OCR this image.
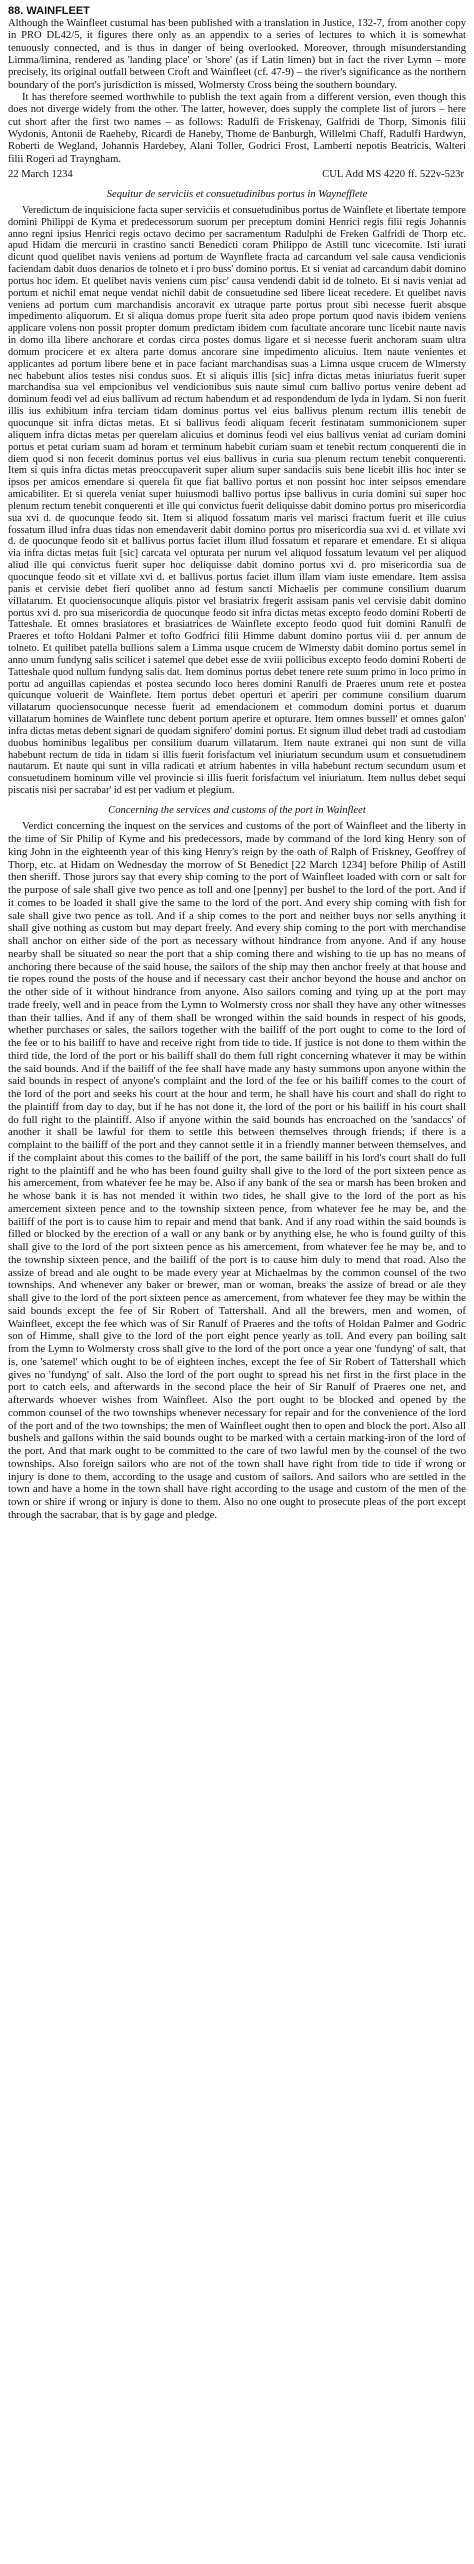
88. WAINFLEET

Although the Wainfleet custumal has been published with a translation in Justice, 132-7, from another copy in PRO DL42/5, it figures there only as an appendix to a series of lectures to which it is somewhat tenuously connected, and is thus in danger of being overlooked. Moreover, through misunderstanding Limma/limina, rendered as 'landing place' or 'shore' (as if Latin limen) but in fact the river Lymn – more precisely, its original outfall between Croft and Wainfleet (cf. 47-9) – the river's significance as the northern boundary of the port's jurisdiction is missed, Wolmersty Cross being the southern boundary.

It has therefore seemed worthwhile to publish the text again from a different version, even though this does not diverge widely from the other. The latter, however, does supply the complete list of jurors – here cut short after the first two names – as follows: Radulfi de Friskenay, Galfridi de Thorp, Simonis filii Wydonis, Antonii de Raeheby, Ricardi de Haneby, Thome de Banburgh, Willelmi Chaff, Radulfi Hardwyn, Roberti de Wegland, Johannis Hardebey, Alani Toller, Godrici Frost, Lamberti nepotis Beatricis, Walteri filii Rogeri ad Trayngham.

22 March 1234	CUL Add MS 4220 ff. 522v-523r
Sequitur de serviciis et consuetudinibus portus in Waynefflete

Veredictum de inquisicione facta super serviciis et consuetudinibus portus de Wainflete et libertate tempore domini Philippi de Kyma et predecessorum suorum per preceptum domini Henrici regis filii regis Johannis anno regni ipsius Henrici regis octavo decimo per sacramentum Radulphi de Freken Galfridi de Thorp etc. apud Hidam die mercurii in crastino sancti Benedicti coram Philippo de Astill tunc vicecomite. Isti iurati dicunt quod quelibet navis veniens ad portum de Waynflete fracta ad carcandum vel sale causa vendicionis faciendam dabit duos denarios de tolneto et i pro buss' domino portus. Et si veniat ad carcandum dabit domino portus hoc idem. Et quelibet navis veniens cum pisc' causa vendendi dabit id de tolneto. Et si navis veniat ad portum et nichil emat neque vendat nichil dabit de consuetudine sed libere liceat recedere. Et quelibet navis veniens ad portum cum marchandisis ancoravit ex utraque parte portus prout sibi necesse fuerit absque impedimento aliquorum. Et si aliqua domus prope fuerit sita adeo prope portum quod navis ibidem veniens applicare volens non possit propter domum predictam ibidem cum facultate ancorare tunc licebit naute navis in domo illa libere anchorare et cordas circa postes domus ligare et si necesse fuerit anchoram suam ultra domum procicere et ex altera parte domus ancorare sine impedimento alicuius. Item naute venientes et applicantes ad portum libere bene et in pace faciant marchandisas suas a Limna usque crucem de Wlmersty nec habebunt alios testes nisi condus suos. Et si aliquis illis [sic] infra dictas metas iniuriatus fuerit super marchandisa sua vel empcionibus vel vendicionibus suis naute simul cum ballivo portus venire debent ad dominum feodi vel ad eius ballivum ad rectum habendum et ad respondendum de lyda in lydam. Si non fuerit illis ius exhibitum infra terciam tidam dominus portus vel eius ballivus plenum rectum illis tenebit de quocunque sit infra dictas metas. Et si ballivus feodi aliquam fecerit festinatam summonicionem super aliquem infra dictas metas per querelam alicuius et dominus feodi vel eius ballivus veniat ad curiam domini portus et petat curiam suam ad horam et terminum habebit curiam suam et tenebit rectum conquerenti die in diem quod si non fecerit dominus portus vel eius ballivus in curia sua plenum rectum tenebit conquerenti. Item si quis infra dictas metas preoccupaverit super alium super sandaciis suis bene licebit illis hoc inter se ipsos per amicos emendare si querela fit que fiat ballivo portus et non possint hoc inter seipsos emendare amicabiliter. Et si querela veniat super huiusmodi ballivo portus ipse ballivus in curia domini sui super hoc plenum rectum tenebit conquerenti et ille qui convictus fuerit deliquisse dabit domino portus pro misericordia sua xvi d. de quocunque feodo sit. Item si aliquod fossatum maris vel marisci fractum fuerit et ille cuius fossatum illud infra duas tidas non emendaverit dabit domino portus pro misericordia sua xvi d. et villate xvi d. de quocunque feodo sit et ballivus portus faciet illum illud fossatum et reparare et emendare. Et si aliqua via infra dictas metas fuit [sic] carcata vel opturata per nurum vel aliquod fossatum levatum vel per aliquod aliud ille qui convictus fuerit super hoc deliquisse dabit domino portus xvi d. pro misericordia sua de quocunque feodo sit et villate xvi d. et ballivus portus faciet illum illam viam iuste emendare. Item assisa panis et cervisie debet fieri quolibet anno ad festum sancti Michaelis per commune consilium duarum villatarum. Et quociensocunque aliquis pistor vel brasiatrix fregerit assisam panis vel cervisie dabit domino portus xvi d. pro sua misericordia de quocunque feodo sit infra dictas metas excepto feodo domini Roberti de Tatteshale. Et omnes brasiatores et brasiatrices de Wainflete excepto feodo quod fuit domini Ranulfi de Praeres et tofto Holdani Palmer et tofto Godfrici filii Himme dabunt domino portus viii d. per annum de tolneto. Et quilibet patella bullions salem a Limma usque crucem de Wlmersty dabit domino portus semel in anno unum fundyng salis scilicet i satemel que debet esse de xviii pollicibus excepto feodo domini Roberti de Tatteshale quod nullum fundyng salis dat. Item dominus portus debet tenere rete suum primo in loco primo in portu ad anguillas capiendas et postea secundo loco heres domini Ranulfi de Praeres unum rete et postea quicunque voluerit de Wainflete. Item portus debet operturi et aperiri per commune consilium duarum villatarum quociensocunque necesse fuerit ad emendacionem et commodum domini portus et duarum villatarum homines de Wainflete tunc debent portum aperire et opturare. Item omnes bussell' et omnes galon' infra dictas metas debent signari de quodam signifero' domini portus. Et signum illud debet tradi ad custodiam duobus hominibus legalibus per consilium duarum villatarum. Item naute extranei qui non sunt de villa habebunt rectum de tida in tidam si illis fuerit forisfactum vel iniuriatum secundum usum et consuetudinem nautarum. Et naute qui sunt in villa radicati et atrium habentes in villa habebunt rectum secundum usum et consuetudinem hominum ville vel provincie si illis fuerit forisfactum vel iniuriatum. Item nullus debet sequi piscatis nisi per sacrabar' id est per vadium et plegium.

Concerning the services and customs of the port in Wainfleet

Verdict concerning the inquest on the services and customs of the port of Wainfleet and the liberty in the time of Sir Philip of Kyme and his predecessors, made by command of the lord king Henry son of king John in the eighteenth year of this king Henry's reign by the oath of Ralph of Friskney, Geoffrey of Thorp, etc. at Hidam on Wednesday the morrow of St Benedict [22 March 1234] before Philip of Astill then sheriff. Those jurors say that every ship coming to the port of Wainfleet loaded with corn or salt for the purpose of sale shall give two pence as toll and one [penny] per bushel to the lord of the port. And if it comes to be loaded it shall give the same to the lord of the port. And every ship coming with fish for sale shall give two pence as toll. And if a ship comes to the port and neither buys nor sells anything it shall give nothing as custom but may depart freely. And every ship coming to the port with merchandise shall anchor on either side of the port as necessary without hindrance from anyone. And if any house nearby shall be situated so near the port that a ship coming there and wishing to tie up has no means of anchoring there because of the said house, the sailors of the ship may then anchor freely at that house and tie ropes round the posts of the house and if necessary cast their anchor beyond the house and anchor on the other side of it without hindrance from anyone. Also sailors coming and tying up at the port may trade freely, well and in peace from the Lymn to Wolmersty cross nor shall they have any other witnesses than their tallies. And if any of them shall be wronged within the said bounds in respect of his goods, whether purchases or sales, the sailors together with the bailiff of the port ought to come to the lord of the fee or to his bailiff to have and receive right from tide to tide. If justice is not done to them within the third tide, the lord of the port or his bailiff shall do them full right concerning whatever it may be within the said bounds. And if the bailiff of the fee shall have made any hasty summons upon anyone within the said bounds in respect of anyone's complaint and the lord of the fee or his bailiff comes to the court of the lord of the port and seeks his court at the hour and term, he shall have his court and shall do right to the plaintiff from day to day, but if he has not done it, the lord of the port or his bailiff in his court shall do full right to the plaintiff. Also if anyone within the said bounds has encroached on the 'sandaccs' of another it shall be lawful for them to settle this between themselves through friends; if there is a complaint to the bailiff of the port and they cannot settle it in a friendly manner between themselves, and if the complaint about this comes to the bailiff of the port, the same bailiff in his lord's court shall do full right to the plaintiff and he who has been found guilty shall give to the lord of the port sixteen pence as his amercement, from whatever fee he may be. Also if any bank of the sea or marsh has been broken and he whose bank it is has not mended it within two tides, he shall give to the lord of the port as his amercement sixteen pence and to the township sixteen pence, from whatever fee he may be, and the bailiff of the port is to cause him to repair and mend that bank. And if any road within the said bounds is filled or blocked by the erection of a wall or any bank or by anything else, he who is found guilty of this shall give to the lord of the port sixteen pence as his amercement, from whatever fee he may be, and to the township sixteen pence, and the bailiff of the port is to cause him duly to mend that road. Also the assize of bread and ale ought to be made every year at Michaelmas by the common counsel of the two townships. And whenever any baker or brewer, man or woman, breaks the assize of bread or ale they shall give to the lord of the port sixteen pence as amercement, from whatever fee they may be within the said bounds except the fee of Sir Robert of Tattershall. And all the brewers, men and women, of Wainfleet, except the fee which was of Sir Ranulf of Praeres and the tofts of Holdan Palmer and Godric son of Himme, shall give to the lord of the port eight pence yearly as toll. And every pan boiling salt from the Lymn to Wolmersty cross shall give to the lord of the port once a year one 'fundyng' of salt, that is, one 'satemel' which ought to be of eighteen inches, except the fee of Sir Robert of Tattershall which gives no 'fundyng' of salt. Also the lord of the port ought to spread his net first in the first place in the port to catch eels, and afterwards in the second place the heir of Sir Ranulf of Praeres one net, and afterwards whoever wishes from Wainfleet. Also the port ought to be blocked and opened by the common counsel of the two townships whenever necessary for repair and for the convenience of the lord of the port and of the two townships; the men of Wainfleet ought then to open and block the port. Also all bushels and gallons within the said bounds ought to be marked with a certain marking-iron of the lord of the port. And that mark ought to be committed to the care of two lawful men by the counsel of the two townships. Also foreign sailors who are not of the town shall have right from tide to tide if wrong or injury is done to them, according to the usage and custom of sailors. And sailors who are settled in the town and have a home in the town shall have right according to the usage and custom of the men of the town or shire if wrong or injury is done to them. Also no one ought to prosecute pleas of the port except through the sacrabar, that is by gage and pledge.
